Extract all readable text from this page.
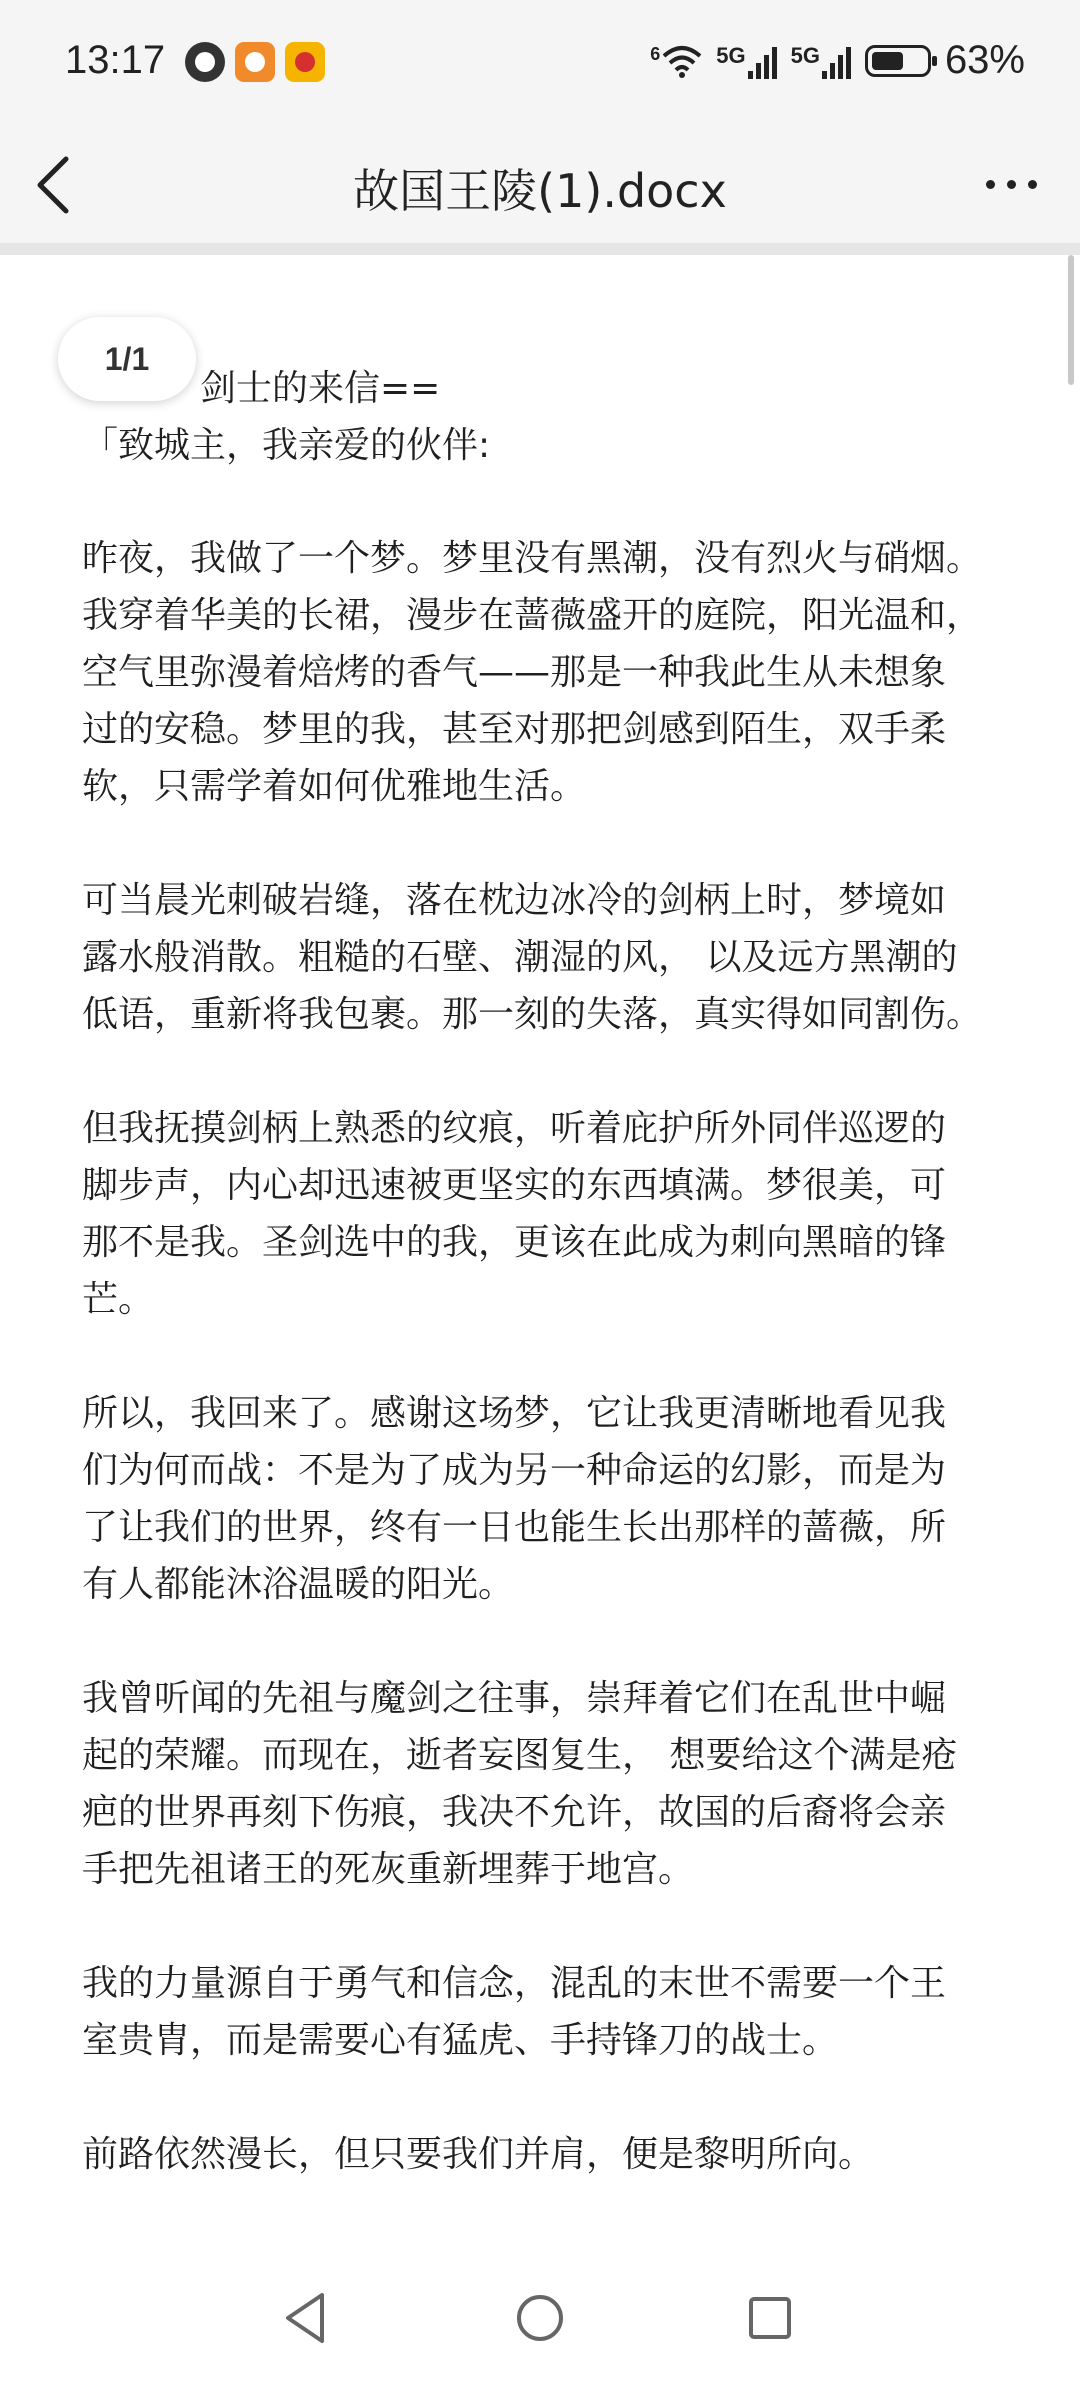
13:17	6	5G 5G	63%
故国王陵(1).docx
剑士的来信==
「致城主，我亲爱的伙伴:
昨夜，我做了一个梦。梦里没有黑潮，没有烈火与硝烟。
我穿着华美的长裙，漫步在蔷薇盛开的庭院，阳光温和，
空气里弥漫着焙烤的香气——那是一种我此生从未想象
过的安稳。梦里的我，甚至对那把剑感到陌生，双手柔
软，只需学着如何优雅地生活。
可当晨光刺破岩缝，落在枕边冰冷的剑柄上时，梦境如
露水般消散。粗糙的石壁、潮湿的风， 以及远方黑潮的
低语，重新将我包裹。那一刻的失落，真实得如同割伤。
但我抚摸剑柄上熟悉的纹痕，听着庇护所外同伴巡逻的
脚步声，内心却迅速被更坚实的东西填满。梦很美，可
那不是我。圣剑选中的我，更该在此成为刺向黑暗的锋
芒。
所以，我回来了。感谢这场梦，它让我更清晰地看见我
们为何而战：不是为了成为另一种命运的幻影，而是为
了让我们的世界，终有一日也能生长出那样的蔷薇，所
有人都能沐浴温暖的阳光。
我曾听闻的先祖与魔剑之往事，崇拜着它们在乱世中崛
起的荣耀。而现在，逝者妄图复生， 想要给这个满是疮
疤的世界再刻下伤痕，我决不允许，故国的后裔将会亲
手把先祖诸王的死灰重新埋葬于地宫。
我的力量源自于勇气和信念，混乱的末世不需要一个王
室贵胄，而是需要心有猛虎、手持锋刀的战士。
前路依然漫长，但只要我们并肩，便是黎明所向。
1/1
